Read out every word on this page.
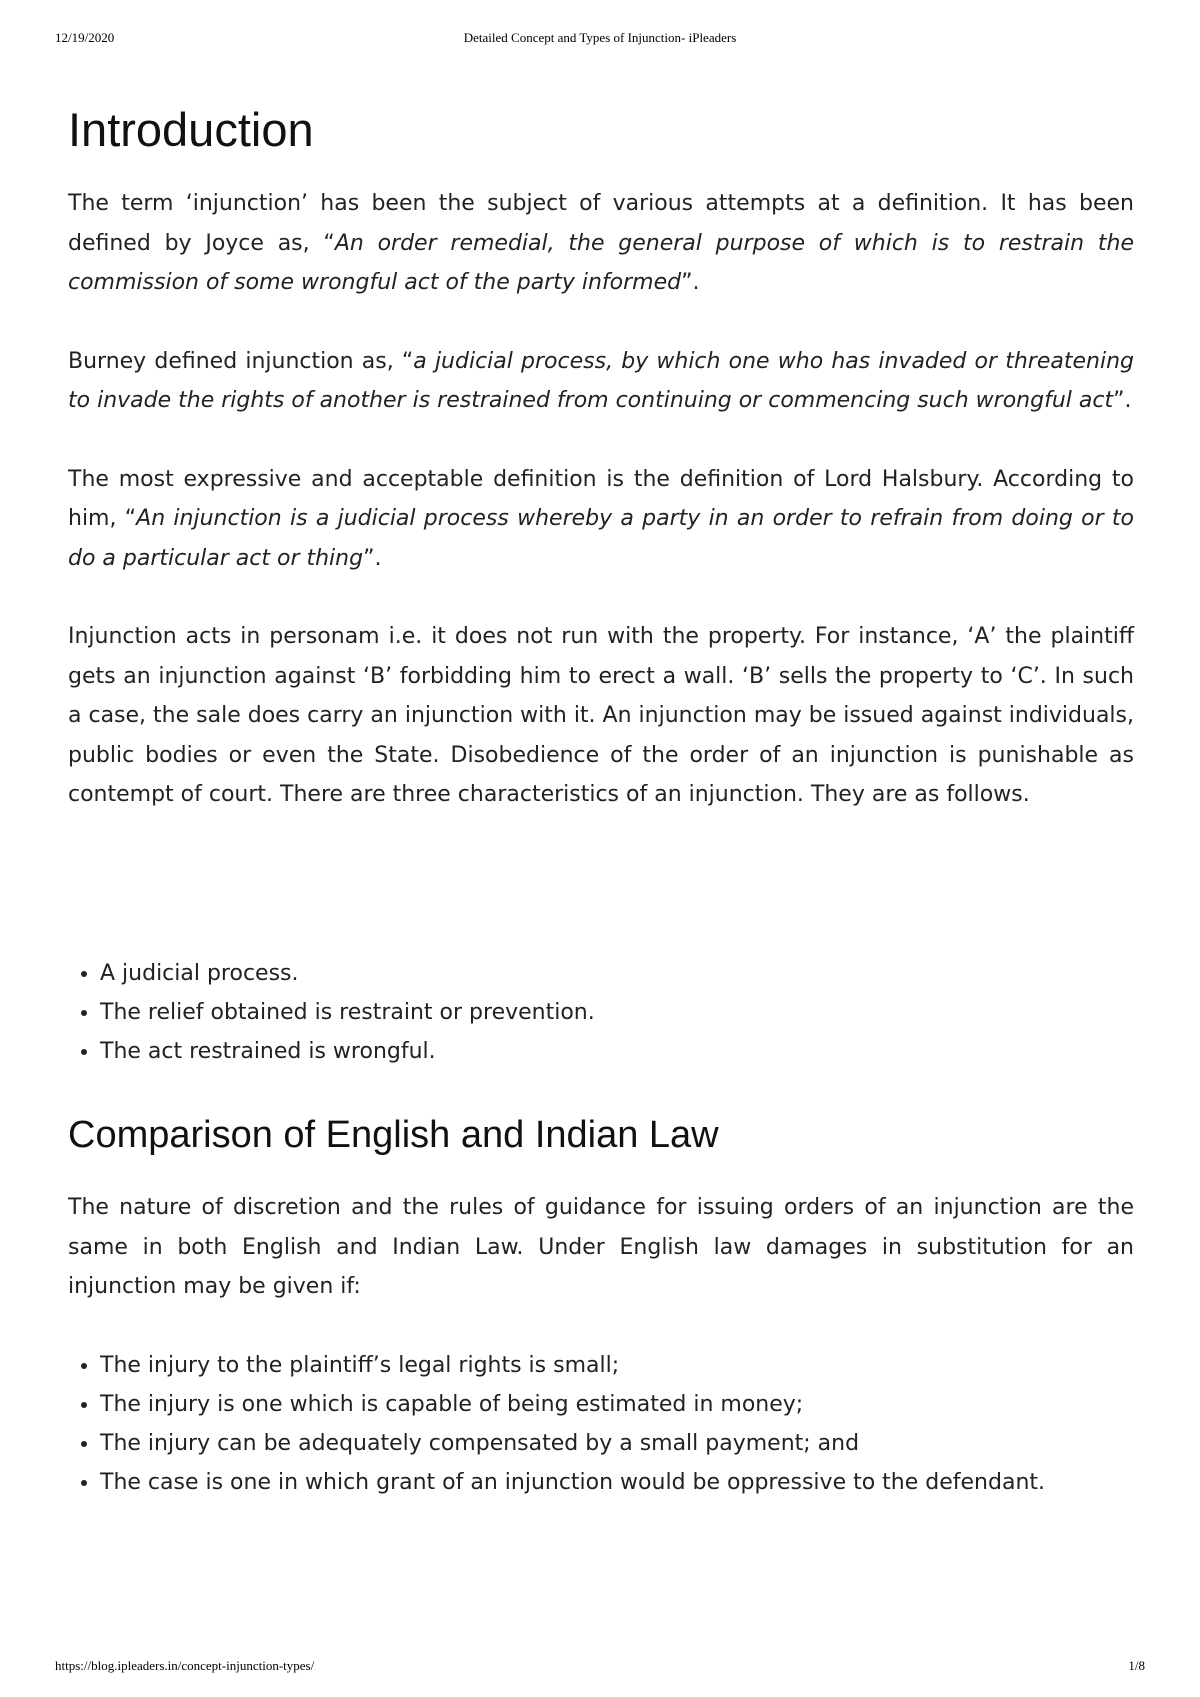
12/19/2020	Detailed Concept and Types of Injunction- iPleaders
Introduction

The term ‘injunction’ has been the subject of various attempts at a definition. It has been defined by Joyce as, “An order remedial, the general purpose of which is to restrain the commission of some wrongful act of the party informed”.

Burney defined injunction as, “a judicial process, by which one who has invaded or threatening to invade the rights of another is restrained from continuing or commencing such wrongful act”.

The most expressive and acceptable definition is the definition of Lord Halsbury. According to him, “An injunction is a judicial process whereby a party in an order to refrain from doing or to do a particular act or thing”.

Injunction acts in personam i.e. it does not run with the property. For instance, ‘A’ the plaintiff gets an injunction against ‘B’ forbidding him to erect a wall. ‘B’ sells the property to ‘C’. In such a case, the sale does carry an injunction with it. An injunction may be issued against individuals, public bodies or even the State. Disobedience of the order of an injunction is punishable as contempt of court. There are three characteristics of an injunction. They are as follows.

• A judicial process.
• The relief obtained is restraint or prevention.
• The act restrained is wrongful.
Comparison of English and Indian Law

The nature of discretion and the rules of guidance for issuing orders of an injunction are the same in both English and Indian Law. Under English law damages in substitution for an injunction may be given if:

• The injury to the plaintiff’s legal rights is small;
• The injury is one which is capable of being estimated in money;
• The injury can be adequately compensated by a small payment; and
• The case is one in which grant of an injunction would be oppressive to the defendant.
https://blog.ipleaders.in/concept-injunction-types/	1/8
